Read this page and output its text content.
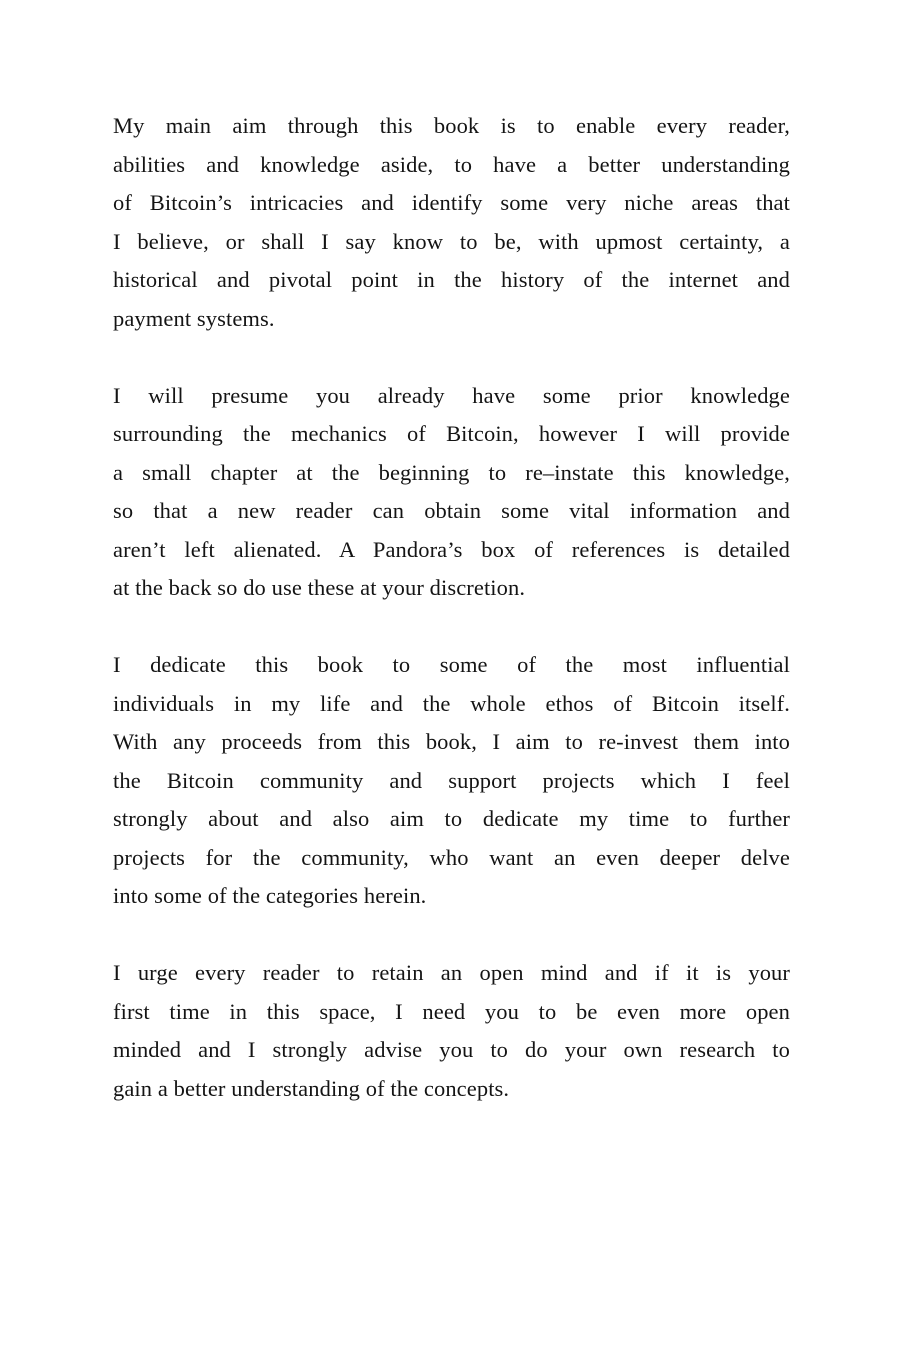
My main aim through this book is to enable every reader,
abilities and knowledge aside, to have a better understanding
of Bitcoin’s intricacies and identify some very niche areas that
I believe, or shall I say know to be, with upmost certainty, a
historical and pivotal point in the history of the internet and
payment systems.
I will presume you already have some prior knowledge
surrounding the mechanics of Bitcoin, however I will provide
a small chapter at the beginning to re–instate this knowledge,
so that a new reader can obtain some vital information and
aren’t left alienated. A Pandora’s box of references is detailed
at the back so do use these at your discretion.
I dedicate this book to some of the most influential
individuals in my life and the whole ethos of Bitcoin itself.
With any proceeds from this book, I aim to re-invest them into
the Bitcoin community and support projects which I feel
strongly about and also aim to dedicate my time to further
projects for the community, who want an even deeper delve
into some of the categories herein.
I urge every reader to retain an open mind and if it is your
first time in this space, I need you to be even more open
minded and I strongly advise you to do your own research to
gain a better understanding of the concepts.
